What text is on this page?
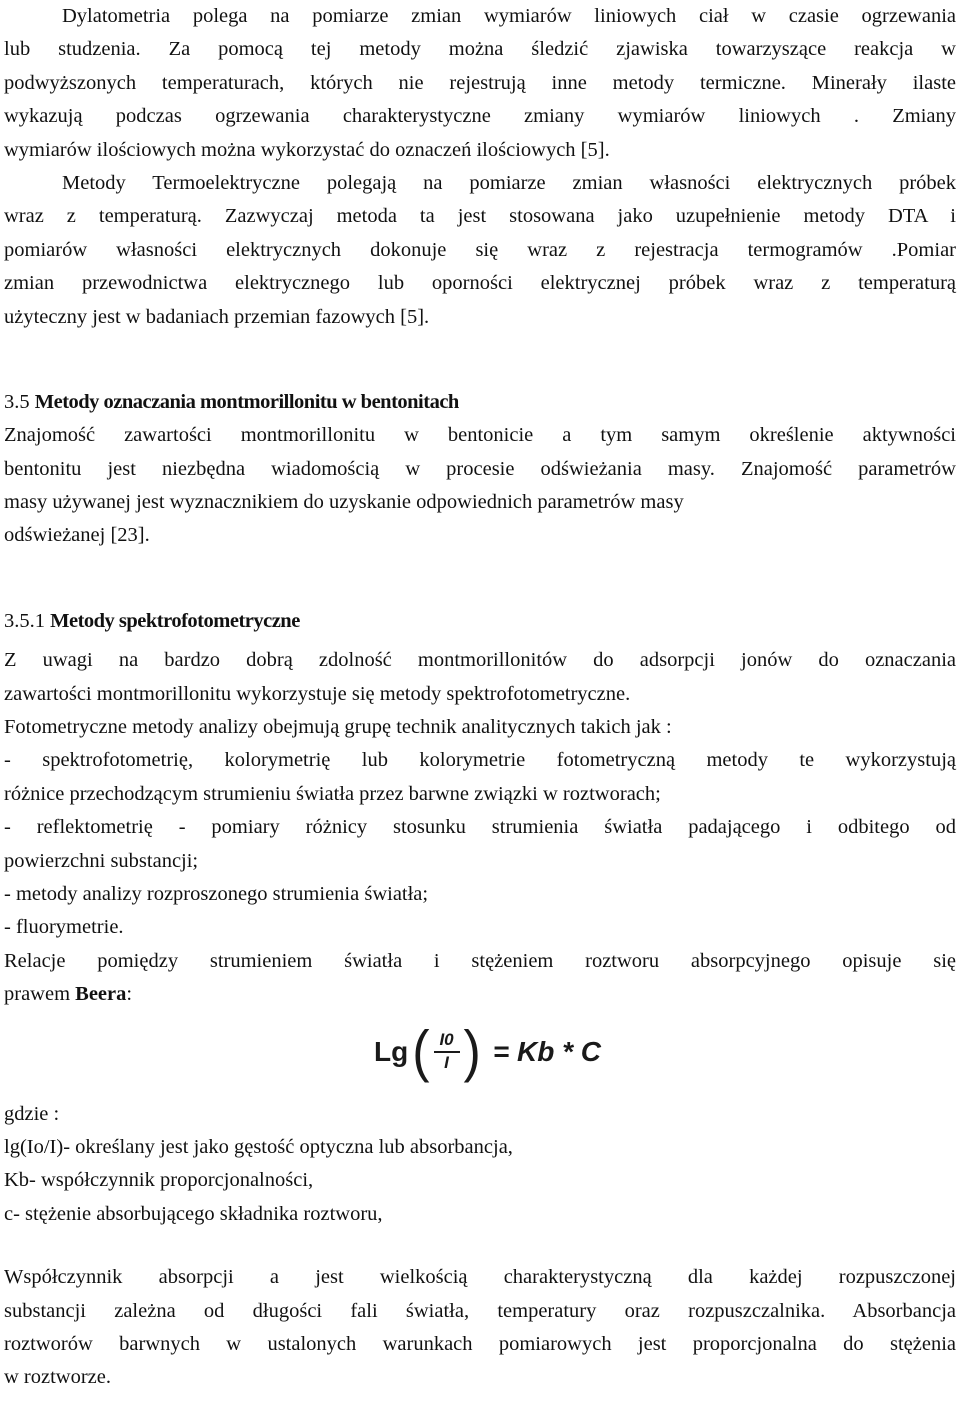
Dylatometria polega na pomiarze zmian wymiarów liniowych ciał w czasie ogrzewania
lub studzenia. Za pomocą tej metody można śledzić zjawiska towarzyszące reakcja w
podwyższonych temperaturach, których nie rejestrują inne metody termiczne. Minerały ilaste
wykazują podczas ogrzewania charakterystyczne zmiany wymiarów liniowych . Zmiany
wymiarów ilościowych można wykorzystać do oznaczeń ilościowych [5].
Metody Termoelektryczne polegają na pomiarze zmian własności elektrycznych próbek
wraz z temperaturą. Zazwyczaj metoda ta jest stosowana jako uzupełnienie metody DTA i
pomiarów własności elektrycznych dokonuje się wraz z rejestracja termogramów .Pomiar
zmian przewodnictwa elektrycznego lub oporności elektrycznej próbek wraz z temperaturą
użyteczny jest w badaniach przemian fazowych [5].
3.5 Metody oznaczania montmorillonitu w bentonitach
Znajomość zawartości montmorillonitu w bentonicie a tym samym określenie aktywności
bentonitu jest niezbędna wiadomością w procesie odświeżania masy. Znajomość parametrów
masy używanej jest wyznacznikiem do uzyskanie odpowiednich parametrów masy
odświeżanej [23].
3.5.1 Metody spektrofotometryczne
Z uwagi na bardzo dobrą zdolność montmorillonitów do adsorpcji jonów do oznaczania
zawartości montmorillonitu wykorzystuje się metody spektrofotometryczne.
Fotometryczne metody analizy obejmują grupę technik analitycznych takich jak :
- spektrofotometrię, kolorymetrię lub kolorymetrie fotometryczną metody te wykorzystują
różnice przechodzącym strumieniu światła przez barwne związki w roztworach;
- reflektometrię - pomiary różnicy stosunku strumienia światła padającego i odbitego od
powierzchni substancji;
- metody analizy rozproszonego strumienia światła;
- fluorymetrie.
Relacje pomiędzy strumieniem światła i stężeniem roztworu absorpcyjnego opisuje się
prawem Beera:
Lg ( $\frac{I0}{I}$ ) = Kb * C
gdzie :
lg(Io/I)- określany jest jako gęstość optyczna lub absorbancja,
Kb- współczynnik proporcjonalności,
c- stężenie absorbującego składnika roztworu,
Współczynnik absorpcji a jest wielkością charakterystyczną dla każdej rozpuszczonej
substancji zależna od długości fali światła, temperatury oraz rozpuszczalnika. Absorbancja
roztworów barwnych w ustalonych warunkach pomiarowych jest proporcjonalna do stężenia
w roztworze.
